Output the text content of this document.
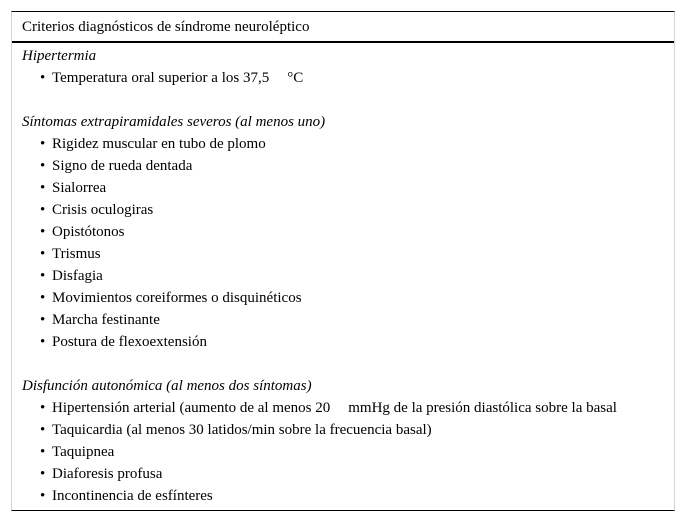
Criterios diagnósticos de síndrome neuroléptico
Hipertermia
• Temperatura oral superior a los 37,5 °C
Síntomas extrapiramidales severos (al menos uno)
• Rigidez muscular en tubo de plomo
• Signo de rueda dentada
• Sialorrea
• Crisis oculogiras
• Opistótonos
• Trismus
• Disfagia
• Movimientos coreiformes o disquinéticos
• Marcha festinante
• Postura de flexoextensión
Disfunción autonómica (al menos dos síntomas)
• Hipertensión arterial (aumento de al menos 20 mmHg de la presión diastólica sobre la basal
• Taquicardia (al menos 30 latidos/min sobre la frecuencia basal)
• Taquipnea
• Diaforesis profusa
• Incontinencia de esfínteres
